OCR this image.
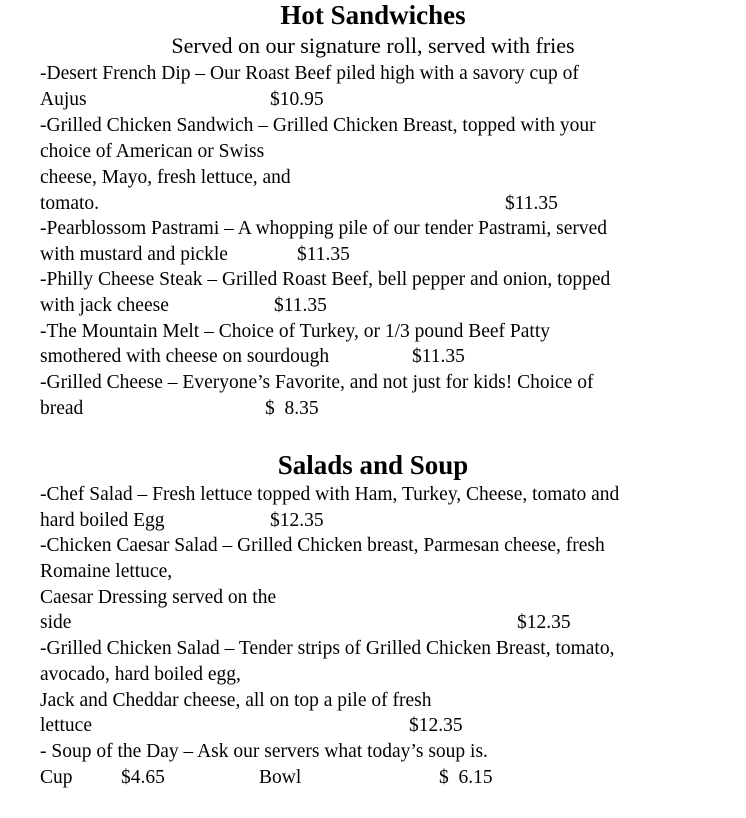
Hot Sandwiches

Served on our signature roll, served with fries

-Desert French Dip – Our Roast Beef piled high with a savory cup of

Aujus	$10.95

-Grilled Chicken Sandwich – Grilled Chicken Breast, topped with your

choice of American or Swiss

cheese, Mayo, fresh lettuce, and

tomato.	$11.35

-Pearblossom Pastrami – A whopping pile of our tender Pastrami, served

with mustard and pickle	$11.35

-Philly Cheese Steak – Grilled Roast Beef, bell pepper and onion, topped

with jack cheese	$11.35

-The Mountain Melt – Choice of Turkey, or 1/3 pound Beef Patty

smothered with cheese on sourdough	$11.35

-Grilled Cheese – Everyone’s Favorite, and not just for kids! Choice of

bread	$  8.35
Salads and Soup

-Chef Salad – Fresh lettuce topped with Ham, Turkey, Cheese, tomato and

hard boiled Egg	$12.35

-Chicken Caesar Salad – Grilled Chicken breast, Parmesan cheese, fresh

Romaine lettuce,

Caesar Dressing served on the

side	$12.35

-Grilled Chicken Salad – Tender strips of Grilled Chicken Breast, tomato,

avocado, hard boiled egg,

Jack and Cheddar cheese, all on top a pile of fresh

lettuce	$12.35

- Soup of the Day – Ask our servers what today’s soup is.

Cup $4.65	Bowl	$  6.15
